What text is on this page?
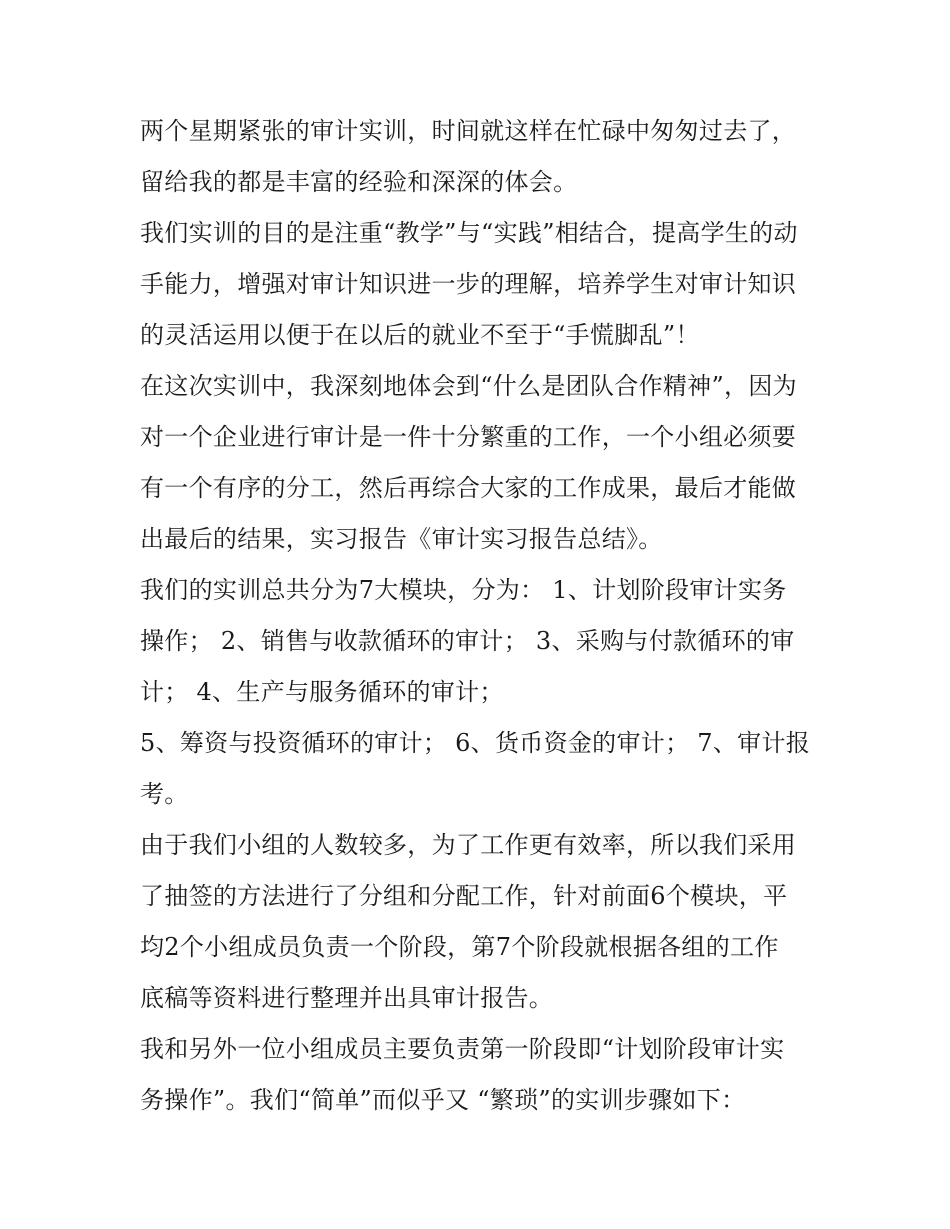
两个星期紧张的审计实训，时间就这样在忙碌中匆匆过去了，
留给我的都是丰富的经验和深深的体会。
我们实训的目的是注重“教学”与“实践”相结合，提高学生的动
手能力，增强对审计知识进一步的理解，培养学生对审计知识
的灵活运用以便于在以后的就业不至于“手慌脚乱”！
在这次实训中，我深刻地体会到“什么是团队合作精神”，因为
对一个企业进行审计是一件十分繁重的工作，一个小组必须要
有一个有序的分工，然后再综合大家的工作成果，最后才能做
出最后的结果，实习报告《审计实习报告总结》。
我们的实训总共分为7大模块，分为： 1、计划阶段审计实务
操作； 2、销售与收款循环的审计； 3、采购与付款循环的审
计； 4、生产与服务循环的审计；
5、筹资与投资循环的审计； 6、货币资金的审计； 7、审计报
考。
由于我们小组的人数较多，为了工作更有效率，所以我们采用
了抽签的方法进行了分组和分配工作，针对前面6个模块，平
均2个小组成员负责一个阶段，第7个阶段就根据各组的工作
底稿等资料进行整理并出具审计报告。
我和另外一位小组成员主要负责第一阶段即“计划阶段审计实
务操作”。我们“简单”而似乎又 “繁琐”的实训步骤如下：
